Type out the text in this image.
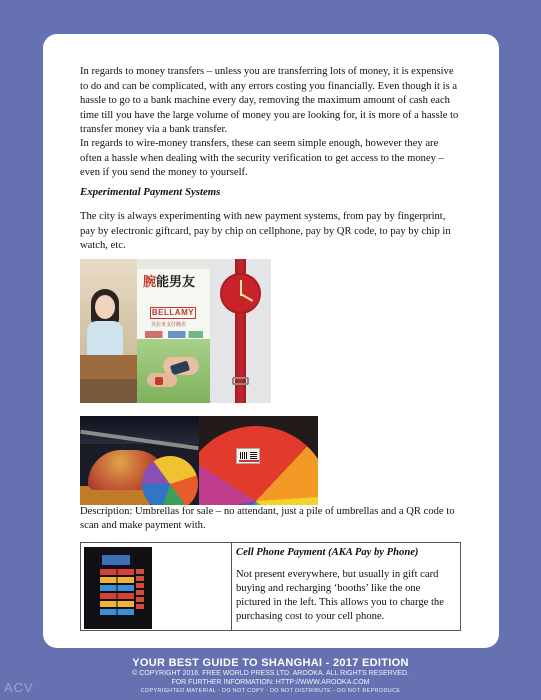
In regards to money transfers – unless you are transferring lots of money, it is expensive to do and can be complicated, with any errors costing you financially. Even though it is a hassle to go to a bank machine every day, removing the maximum amount of cash each time till you have the large volume of money you are looking for, it is more of a hassle to transfer money via a bank transfer.

In regards to wire-money transfers, these can seem simple enough, however they are often a hassle when dealing with the security verification to get access to the money – even if you send the money to yourself.

Experimental Payment Systems

The city is always experimenting with new payment systems, from pay by fingerprint, pay by electronic giftcard, pay by chip on cellphone, pay by QR code, to pay by chip in watch, etc.

腕能男友
BELLAMY
贝拉米支付腕表

Description: Umbrellas for sale – no attendant, just a pile of umbrellas and a QR code to scan and make payment with.

Cell Phone Payment (AKA Pay by Phone)

Not present everywhere, but usually in gift card buying and recharging ‘booths’ like the one pictured in the left. This allows you to charge the purchasing cost to your cell phone.

YOUR BEST GUIDE TO SHANGHAI - 2017 EDITION
© COPYRIGHT 2016. FREE WORLD PRESS LTD. AROOKA. ALL RIGHTS RESERVED.
FOR FURTHER INFORMATION: HTTP://WWW.AROOKA.COM
COPYRIGHTED MATERIAL - DO NOT COPY - DO NOT DISTRIBUTE - DO NOT REPRODUCE
ACV
